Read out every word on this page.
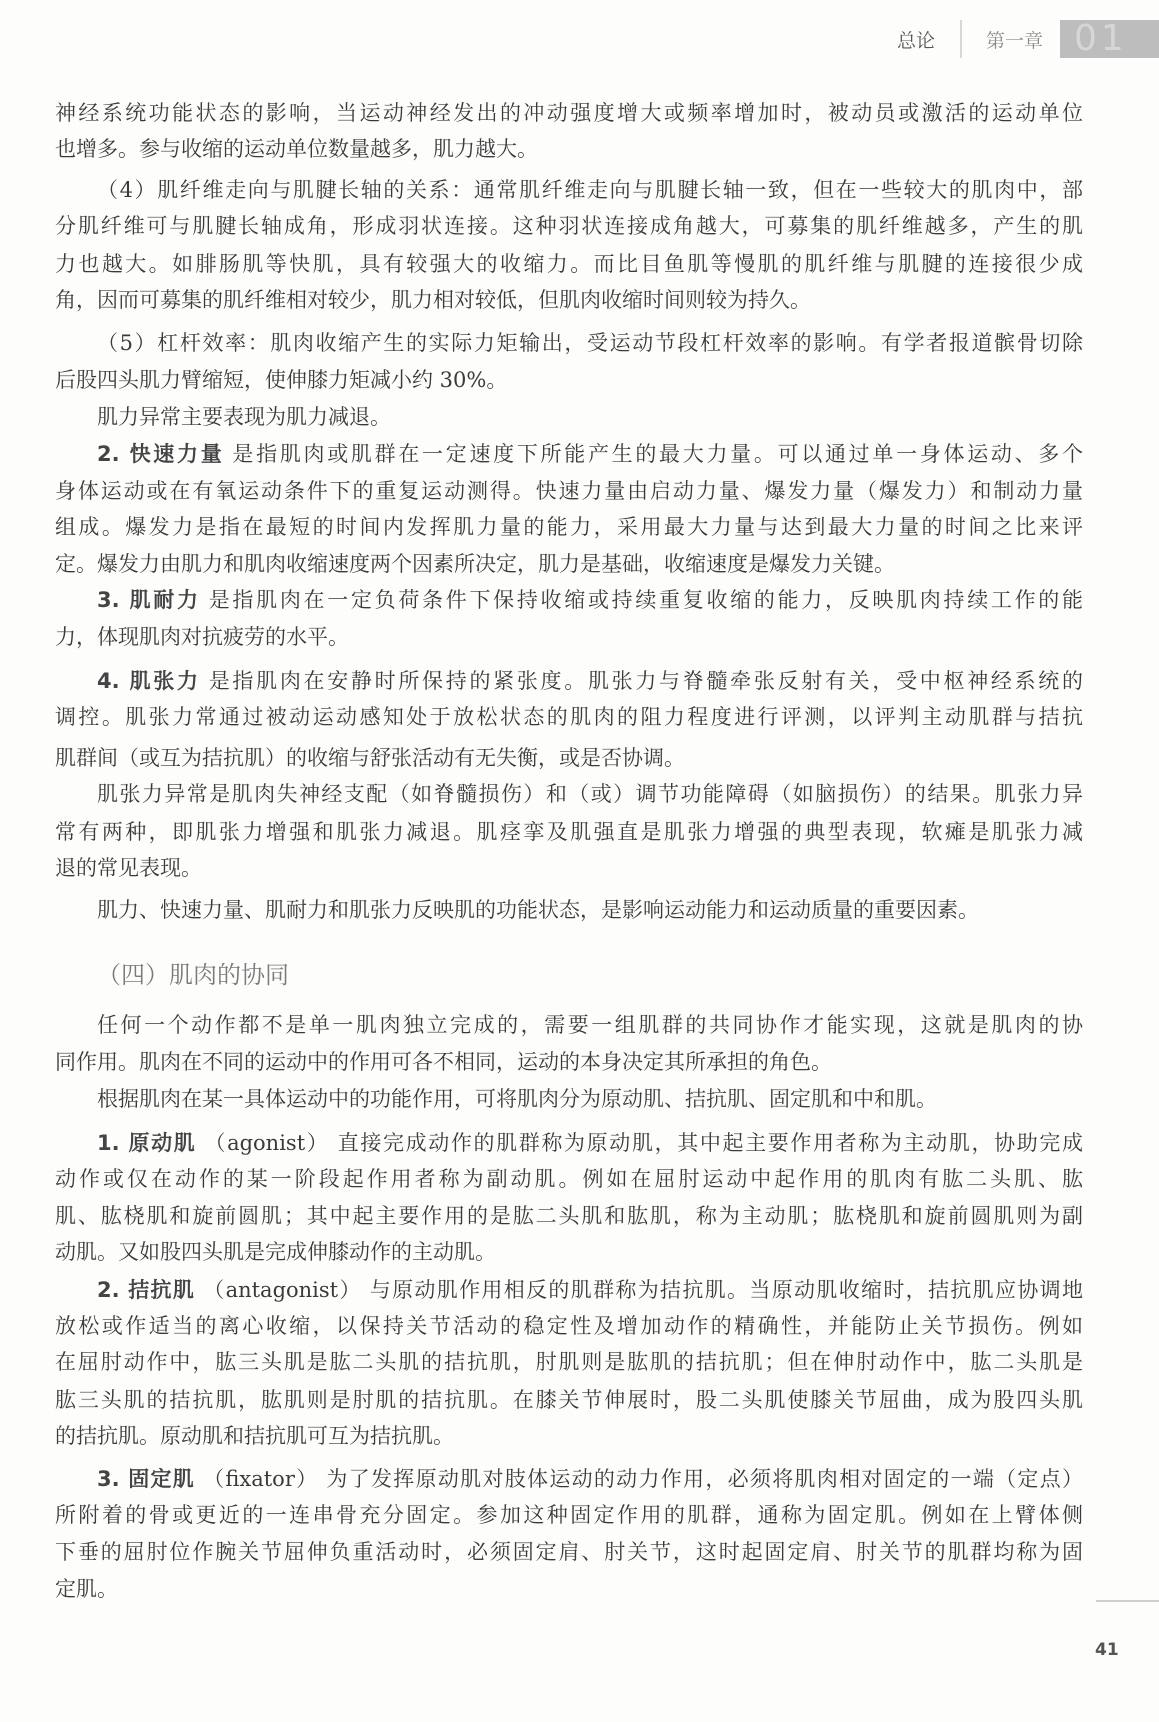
总论	第一章 01
神经系统功能状态的影响，当运动神经发出的冲动强度增大或频率增加时，被动员或激活的运动单位
也增多。参与收缩的运动单位数量越多，肌力越大。
（4）肌纤维走向与肌腱长轴的关系：通常肌纤维走向与肌腱长轴一致，但在一些较大的肌肉中，部
分肌纤维可与肌腱长轴成角，形成羽状连接。这种羽状连接成角越大，可募集的肌纤维越多，产生的肌
力也越大。如腓肠肌等快肌，具有较强大的收缩力。而比目鱼肌等慢肌的肌纤维与肌腱的连接很少成
角，因而可募集的肌纤维相对较少，肌力相对较低，但肌肉收缩时间则较为持久。
（5）杠杆效率：肌肉收缩产生的实际力矩输出，受运动节段杠杆效率的影响。有学者报道髌骨切除
后股四头肌力臂缩短，使伸膝力矩减小约 30%。
肌力异常主要表现为肌力减退。
2. 快速力量 是指肌肉或肌群在一定速度下所能产生的最大力量。可以通过单一身体运动、多个
身体运动或在有氧运动条件下的重复运动测得。快速力量由启动力量、爆发力量（爆发力）和制动力量
组成。爆发力是指在最短的时间内发挥肌力量的能力，采用最大力量与达到最大力量的时间之比来评
定。爆发力由肌力和肌肉收缩速度两个因素所决定，肌力是基础，收缩速度是爆发力关键。
3. 肌耐力 是指肌肉在一定负荷条件下保持收缩或持续重复收缩的能力，反映肌肉持续工作的能
力，体现肌肉对抗疲劳的水平。
4. 肌张力 是指肌肉在安静时所保持的紧张度。肌张力与脊髓牵张反射有关，受中枢神经系统的
调控。肌张力常通过被动运动感知处于放松状态的肌肉的阻力程度进行评测，以评判主动肌群与拮抗
肌群间（或互为拮抗肌）的收缩与舒张活动有无失衡，或是否协调。
肌张力异常是肌肉失神经支配（如脊髓损伤）和（或）调节功能障碍（如脑损伤）的结果。肌张力异
常有两种，即肌张力增强和肌张力减退。肌痉挛及肌强直是肌张力增强的典型表现，软瘫是肌张力减
退的常见表现。
肌力、快速力量、肌耐力和肌张力反映肌的功能状态，是影响运动能力和运动质量的重要因素。
任何一个动作都不是单一肌肉独立完成的，需要一组肌群的共同协作才能实现，这就是肌肉的协
同作用。肌肉在不同的运动中的作用可各不相同，运动的本身决定其所承担的角色。
根据肌肉在某一具体运动中的功能作用，可将肌肉分为原动肌、拮抗肌、固定肌和中和肌。
1. 原动肌 （agonist） 直接完成动作的肌群称为原动肌，其中起主要作用者称为主动肌，协助完成
动作或仅在动作的某一阶段起作用者称为副动肌。例如在屈肘运动中起作用的肌肉有肱二头肌、肱
肌、肱桡肌和旋前圆肌；其中起主要作用的是肱二头肌和肱肌，称为主动肌；肱桡肌和旋前圆肌则为副
动肌。又如股四头肌是完成伸膝动作的主动肌。
2. 拮抗肌 （antagonist） 与原动肌作用相反的肌群称为拮抗肌。当原动肌收缩时，拮抗肌应协调地
放松或作适当的离心收缩，以保持关节活动的稳定性及增加动作的精确性，并能防止关节损伤。例如
在屈肘动作中，肱三头肌是肱二头肌的拮抗肌，肘肌则是肱肌的拮抗肌；但在伸肘动作中，肱二头肌是
肱三头肌的拮抗肌，肱肌则是肘肌的拮抗肌。在膝关节伸展时，股二头肌使膝关节屈曲，成为股四头肌
的拮抗肌。原动肌和拮抗肌可互为拮抗肌。
3. 固定肌 （fixator） 为了发挥原动肌对肢体运动的动力作用，必须将肌肉相对固定的一端（定点）
所附着的骨或更近的一连串骨充分固定。参加这种固定作用的肌群，通称为固定肌。例如在上臂体侧
下垂的屈肘位作腕关节屈伸负重活动时，必须固定肩、肘关节，这时起固定肩、肘关节的肌群均称为固
定肌。
（四）肌肉的协同
41
